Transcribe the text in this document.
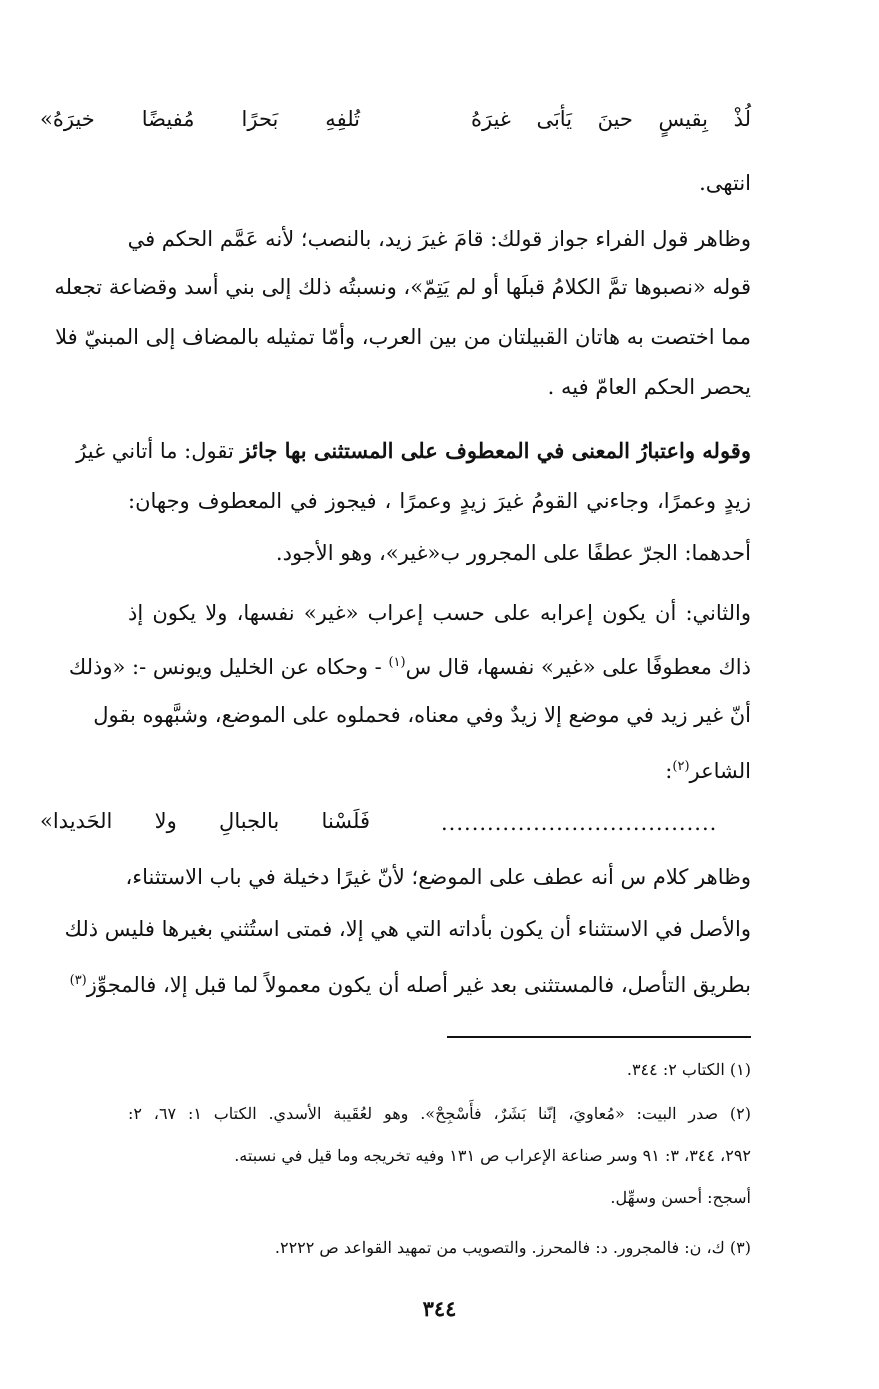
لُذْ بِقيسٍ حينَ يَأبَى غيرَهُ
تُلفِهِ بَحرًا مُفيضًا خيرَهُ»
انتهى.
وظاهر قول الفراء جواز قولك: قامَ غيرَ زيد، بالنصب؛ لأنه عَمَّم الحكم في
قوله «نصبوها تمَّ الكلامُ قبلَها أو لم يَتِمّ»، ونسبتُه ذلك إلى بني أسد وقضاعة تجعله
مما اختصت به هاتان القبيلتان من بين العرب، وأمّا تمثيله بالمضاف إلى المبنيّ فلا
يحصر الحكم العامّ فيه .
وقوله واعتبارُ المعنى في المعطوف على المستثنى بها جائز تقول: ما أتاني غيرُ
زيدٍ وعمرًا، وجاءني القومُ غيرَ زيدٍ وعمرًا ، فيجوز في المعطوف وجهان:
أحدهما: الجرّ عطفًا على المجرور ب«غير»، وهو الأجود.
والثاني: أن يكون إعرابه على حسب إعراب «غير» نفسها، ولا يكون إذ
ذاك معطوفًا على «غير» نفسها، قال س$^{(١)}$ - وحكاه عن الخليل ويونس -: «وذلك
أنّ غير زيد في موضع إلا زيدٌ وفي معناه، فحملوه على الموضع، وشبَّهوه بقول
الشاعر$^{(٢)}$:
....................................
فَلَسْنا بالجبالِ ولا الحَديدا»
وظاهر كلام س أنه عطف على الموضع؛ لأنّ غيرًا دخيلة في باب الاستثناء،
والأصل في الاستثناء أن يكون بأداته التي هي إلا، فمتى استُثني بغيرها فليس ذلك
بطريق التأصل، فالمستثنى بعد غير أصله أن يكون معمولاً لما قبل إلا، فالمجوِّز$^{(٣)}$
(١) الكتاب ٢: ٣٤٤.
(٢) صدر البيت: «مُعاويَ، إنّنا بَشَرٌ، فأَسْجِحْ». وهو لعُقَيبة الأسدي. الكتاب ١: ٦٧، ٢:
٢٩٢، ٣٤٤، ٣: ٩١ وسر صناعة الإعراب ص ١٣١ وفيه تخريجه وما قيل في نسبته.
أسجح: أحسن وسهِّل.
(٣) ك، ن: فالمجرور. د: فالمحرز. والتصويب من تمهيد القواعد ص ٢٢٢٢.
٣٤٤
